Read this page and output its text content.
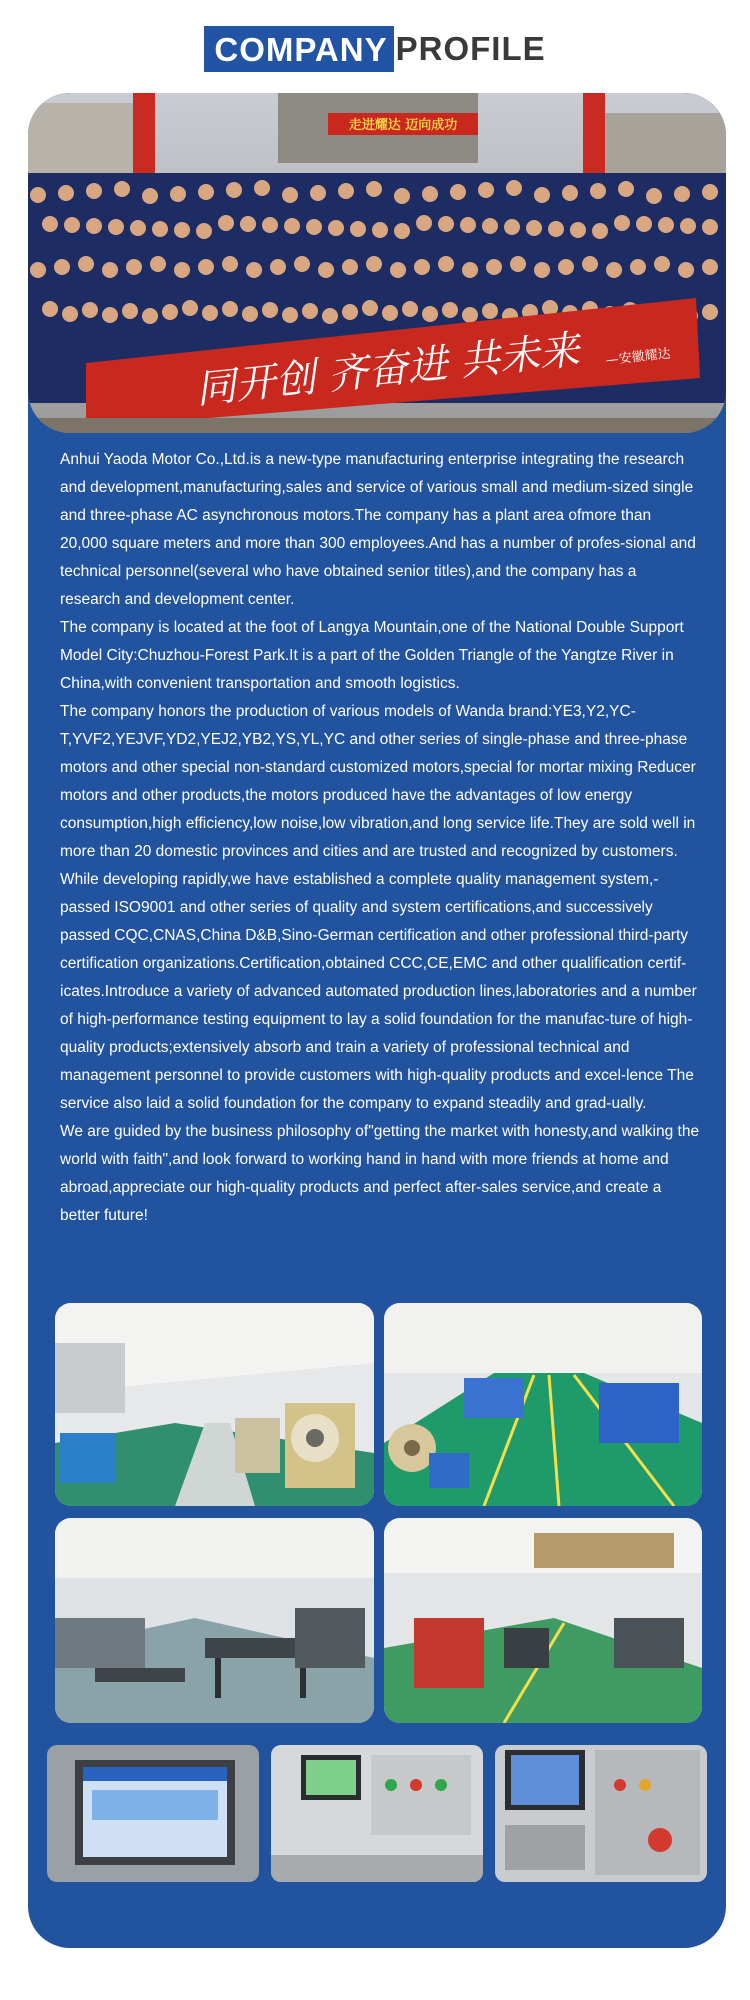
COMPANY PROFILE
走进耀达 迈向成功
同开创 齐奋进 共未来	—安徽耀达

Anhui Yaoda Motor Co.,Ltd.is a new-type manufacturing enterprise integrating the research and development,manufacturing,sales and service of various small and medium-sized single and three-phase AC asynchronous motors.The company has a plant area ofmore than 20,000 square meters and more than 300 employees.And has a number of profes-sional and technical personnel(several who have obtained senior titles),and the company has a research and development center.

The company is located at the foot of Langya Mountain,one of the National Double Support Model City:Chuzhou-Forest Park.It is a part of the Golden Triangle of the Yangtze River in China,with convenient transportation and smooth logistics.

The company honors the production of various models of Wanda brand:YE3,Y2,YC-T,YVF2,YEJVF,YD2,YEJ2,YB2,YS,YL,YC and other series of single-phase and three-phase motors and other special non-standard customized motors,special for mortar mixing Reducer motors and other products,the motors produced have the advantages of low energy consumption,high efficiency,low noise,low vibration,and long service life.They are sold well in more than 20 domestic provinces and cities and are trusted and recognized by customers.

While developing rapidly,we have established a complete quality management system,-passed ISO9001 and other series of quality and system certifications,and successively passed CQC,CNAS,China D&B,Sino-German certification and other professional third-party certification organizations.Certification,obtained CCC,CE,EMC and other qualification certif-icates.Introduce a variety of advanced automated production lines,laboratories and a number of high-performance testing equipment to lay a solid foundation for the manufac-ture of high-quality products;extensively absorb and train a variety of professional technical and management personnel to provide customers with high-quality products and excel-lence The service also laid a solid foundation for the company to expand steadily and grad-ually.

We are guided by the business philosophy of"getting the market with honesty,and walking the world with faith",and look forward to working hand in hand with more friends at home and abroad,appreciate our high-quality products and perfect after-sales service,and create a better future!
